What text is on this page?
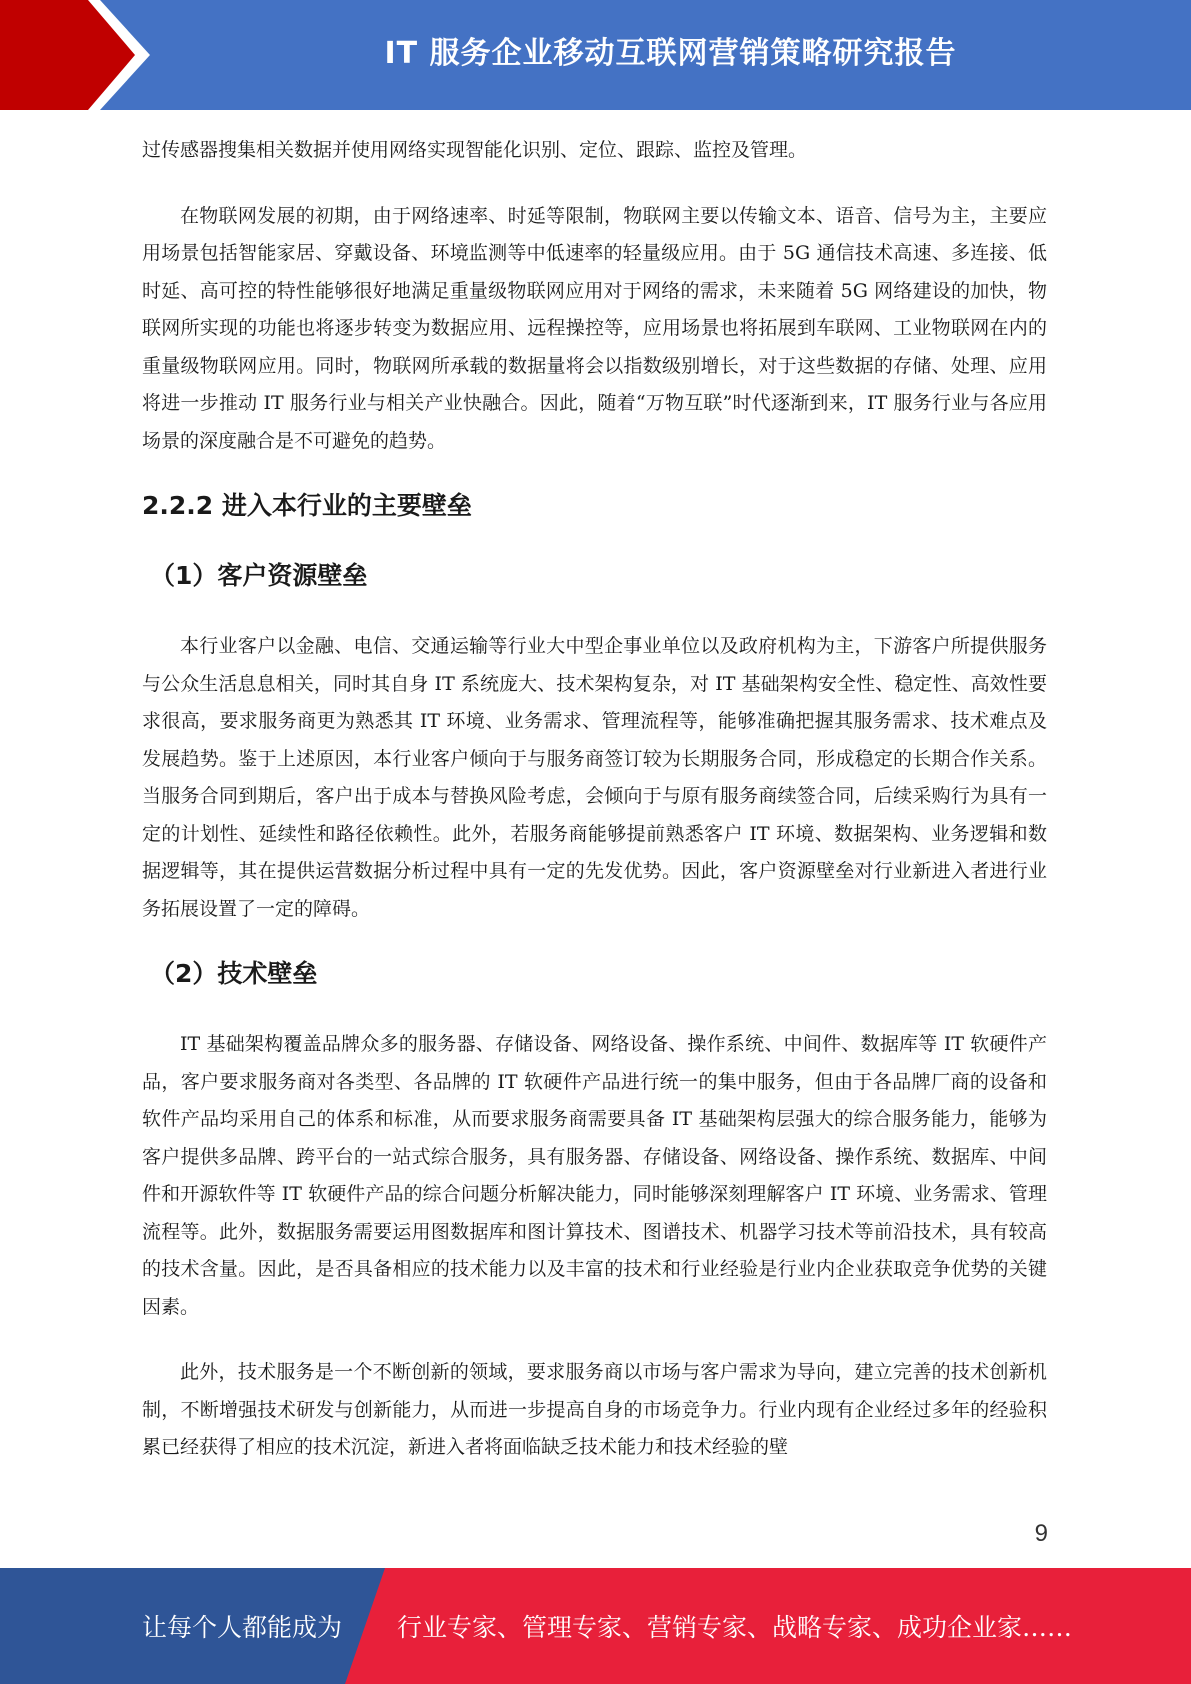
IT 服务企业移动互联网营销策略研究报告

过传感器搜集相关数据并使用网络实现智能化识别、定位、跟踪、监控及管理。

在物联网发展的初期，由于网络速率、时延等限制，物联网主要以传输文本、语音、信号为主，主要应用场景包括智能家居、穿戴设备、环境监测等中低速率的轻量级应用。由于 5G 通信技术高速、多连接、低时延、高可控的特性能够很好地满足重量级物联网应用对于网络的需求，未来随着 5G 网络建设的加快，物联网所实现的功能也将逐步转变为数据应用、远程操控等，应用场景也将拓展到车联网、工业物联网在内的重量级物联网应用。同时，物联网所承载的数据量将会以指数级别增长，对于这些数据的存储、处理、应用将进一步推动 IT 服务行业与相关产业快融合。因此，随着“万物互联”时代逐渐到来，IT 服务行业与各应用场景的深度融合是不可避免的趋势。

2.2.2 进入本行业的主要壁垒
（1）客户资源壁垒

本行业客户以金融、电信、交通运输等行业大中型企事业单位以及政府机构为主，下游客户所提供服务与公众生活息息相关，同时其自身 IT 系统庞大、技术架构复杂，对 IT 基础架构安全性、稳定性、高效性要求很高，要求服务商更为熟悉其 IT 环境、业务需求、管理流程等，能够准确把握其服务需求、技术难点及发展趋势。鉴于上述原因，本行业客户倾向于与服务商签订较为长期服务合同，形成稳定的长期合作关系。当服务合同到期后，客户出于成本与替换风险考虑，会倾向于与原有服务商续签合同，后续采购行为具有一定的计划性、延续性和路径依赖性。此外，若服务商能够提前熟悉客户 IT 环境、数据架构、业务逻辑和数据逻辑等，其在提供运营数据分析过程中具有一定的先发优势。因此，客户资源壁垒对行业新进入者进行业务拓展设置了一定的障碍。

（2）技术壁垒

IT 基础架构覆盖品牌众多的服务器、存储设备、网络设备、操作系统、中间件、数据库等 IT 软硬件产品，客户要求服务商对各类型、各品牌的 IT 软硬件产品进行统一的集中服务，但由于各品牌厂商的设备和软件产品均采用自己的体系和标准，从而要求服务商需要具备 IT 基础架构层强大的综合服务能力，能够为客户提供多品牌、跨平台的一站式综合服务，具有服务器、存储设备、网络设备、操作系统、数据库、中间件和开源软件等 IT 软硬件产品的综合问题分析解决能力，同时能够深刻理解客户 IT 环境、业务需求、管理流程等。此外，数据服务需要运用图数据库和图计算技术、图谱技术、机器学习技术等前沿技术，具有较高的技术含量。因此，是否具备相应的技术能力以及丰富的技术和行业经验是行业内企业获取竞争优势的关键因素。

此外，技术服务是一个不断创新的领域，要求服务商以市场与客户需求为导向，建立完善的技术创新机制，不断增强技术研发与创新能力，从而进一步提高自身的市场竞争力。行业内现有企业经过多年的经验积累已经获得了相应的技术沉淀，新进入者将面临缺乏技术能力和技术经验的壁

9
让每个人都能成为 行业专家、管理专家、营销专家、战略专家、成功企业家……
